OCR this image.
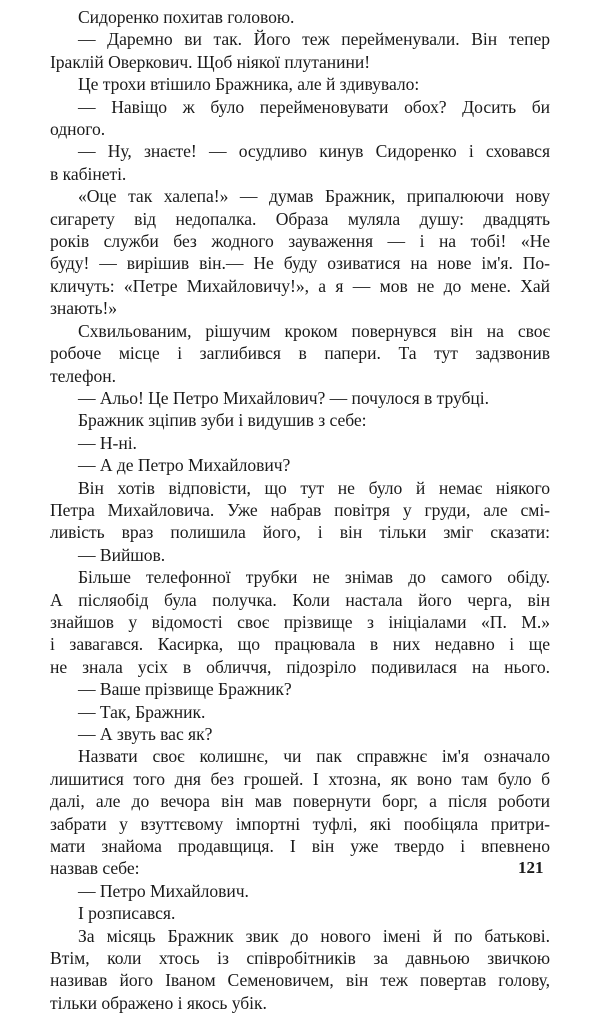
Сидоренко похитав головою.
— Даремно ви так. Його теж перейменували. Він тепер
Іраклій Оверкович. Щоб ніякої плутанини!
Це трохи втішило Бражника, але й здивувало:
— Навіщо ж було перейменовувати обох? Досить би
одного.
— Ну, знаєте! — осудливо кинув Сидоренко і сховався
в кабінеті.
«Оце так халепа!» — думав Бражник, припалюючи нову
сигарету від недопалка. Образа муляла душу: двадцять
років служби без жодного зауваження — і на тобі! «Не
буду! — вирішив він.— Не буду озиватися на нове ім'я. По-
кличуть: «Петре Михайловичу!», а я — мов не до мене. Хай
знають!»
Схвильованим, рішучим кроком повернувся він на своє
робоче місце і заглибився в папери. Та тут задзвонив
телефон.
— Альо! Це Петро Михайлович? — почулося в трубці.
Бражник зціпив зуби і видушив з себе:
— Н-ні.
— А де Петро Михайлович?
Він хотів відповісти, що тут не було й немає ніякого
Петра Михайловича. Уже набрав повітря у груди, але смі-
ливість враз полишила його, і він тільки зміг сказати:
— Вийшов.
Більше телефонної трубки не знімав до самого обіду.
А післяобід була получка. Коли настала його черга, він
знайшов у відомості своє прізвище з ініціалами «П. М.»
і завагався. Касирка, що працювала в них недавно і ще
не знала усіх в обличчя, підозріло подивилася на нього.
— Ваше прізвище Бражник?
— Так, Бражник.
— А звуть вас як?
Назвати своє колишнє, чи пак справжнє ім'я означало
лишитися того дня без грошей. І хтозна, як воно там було б
далі, але до вечора він мав повернути борг, а після роботи
забрати у взуттєвому імпортні туфлі, які пообіцяла притри-
мати знайома продавщиця. І він уже твердо і впевнено
назвав себе:
— Петро Михайлович.
І розписався.
За місяць Бражник звик до нового імені й по батькові.
Втім, коли хтось із співробітників за давньою звичкою
називав його Іваном Семеновичем, він теж повертав голову,
тільки ображено і якось убік.
121
